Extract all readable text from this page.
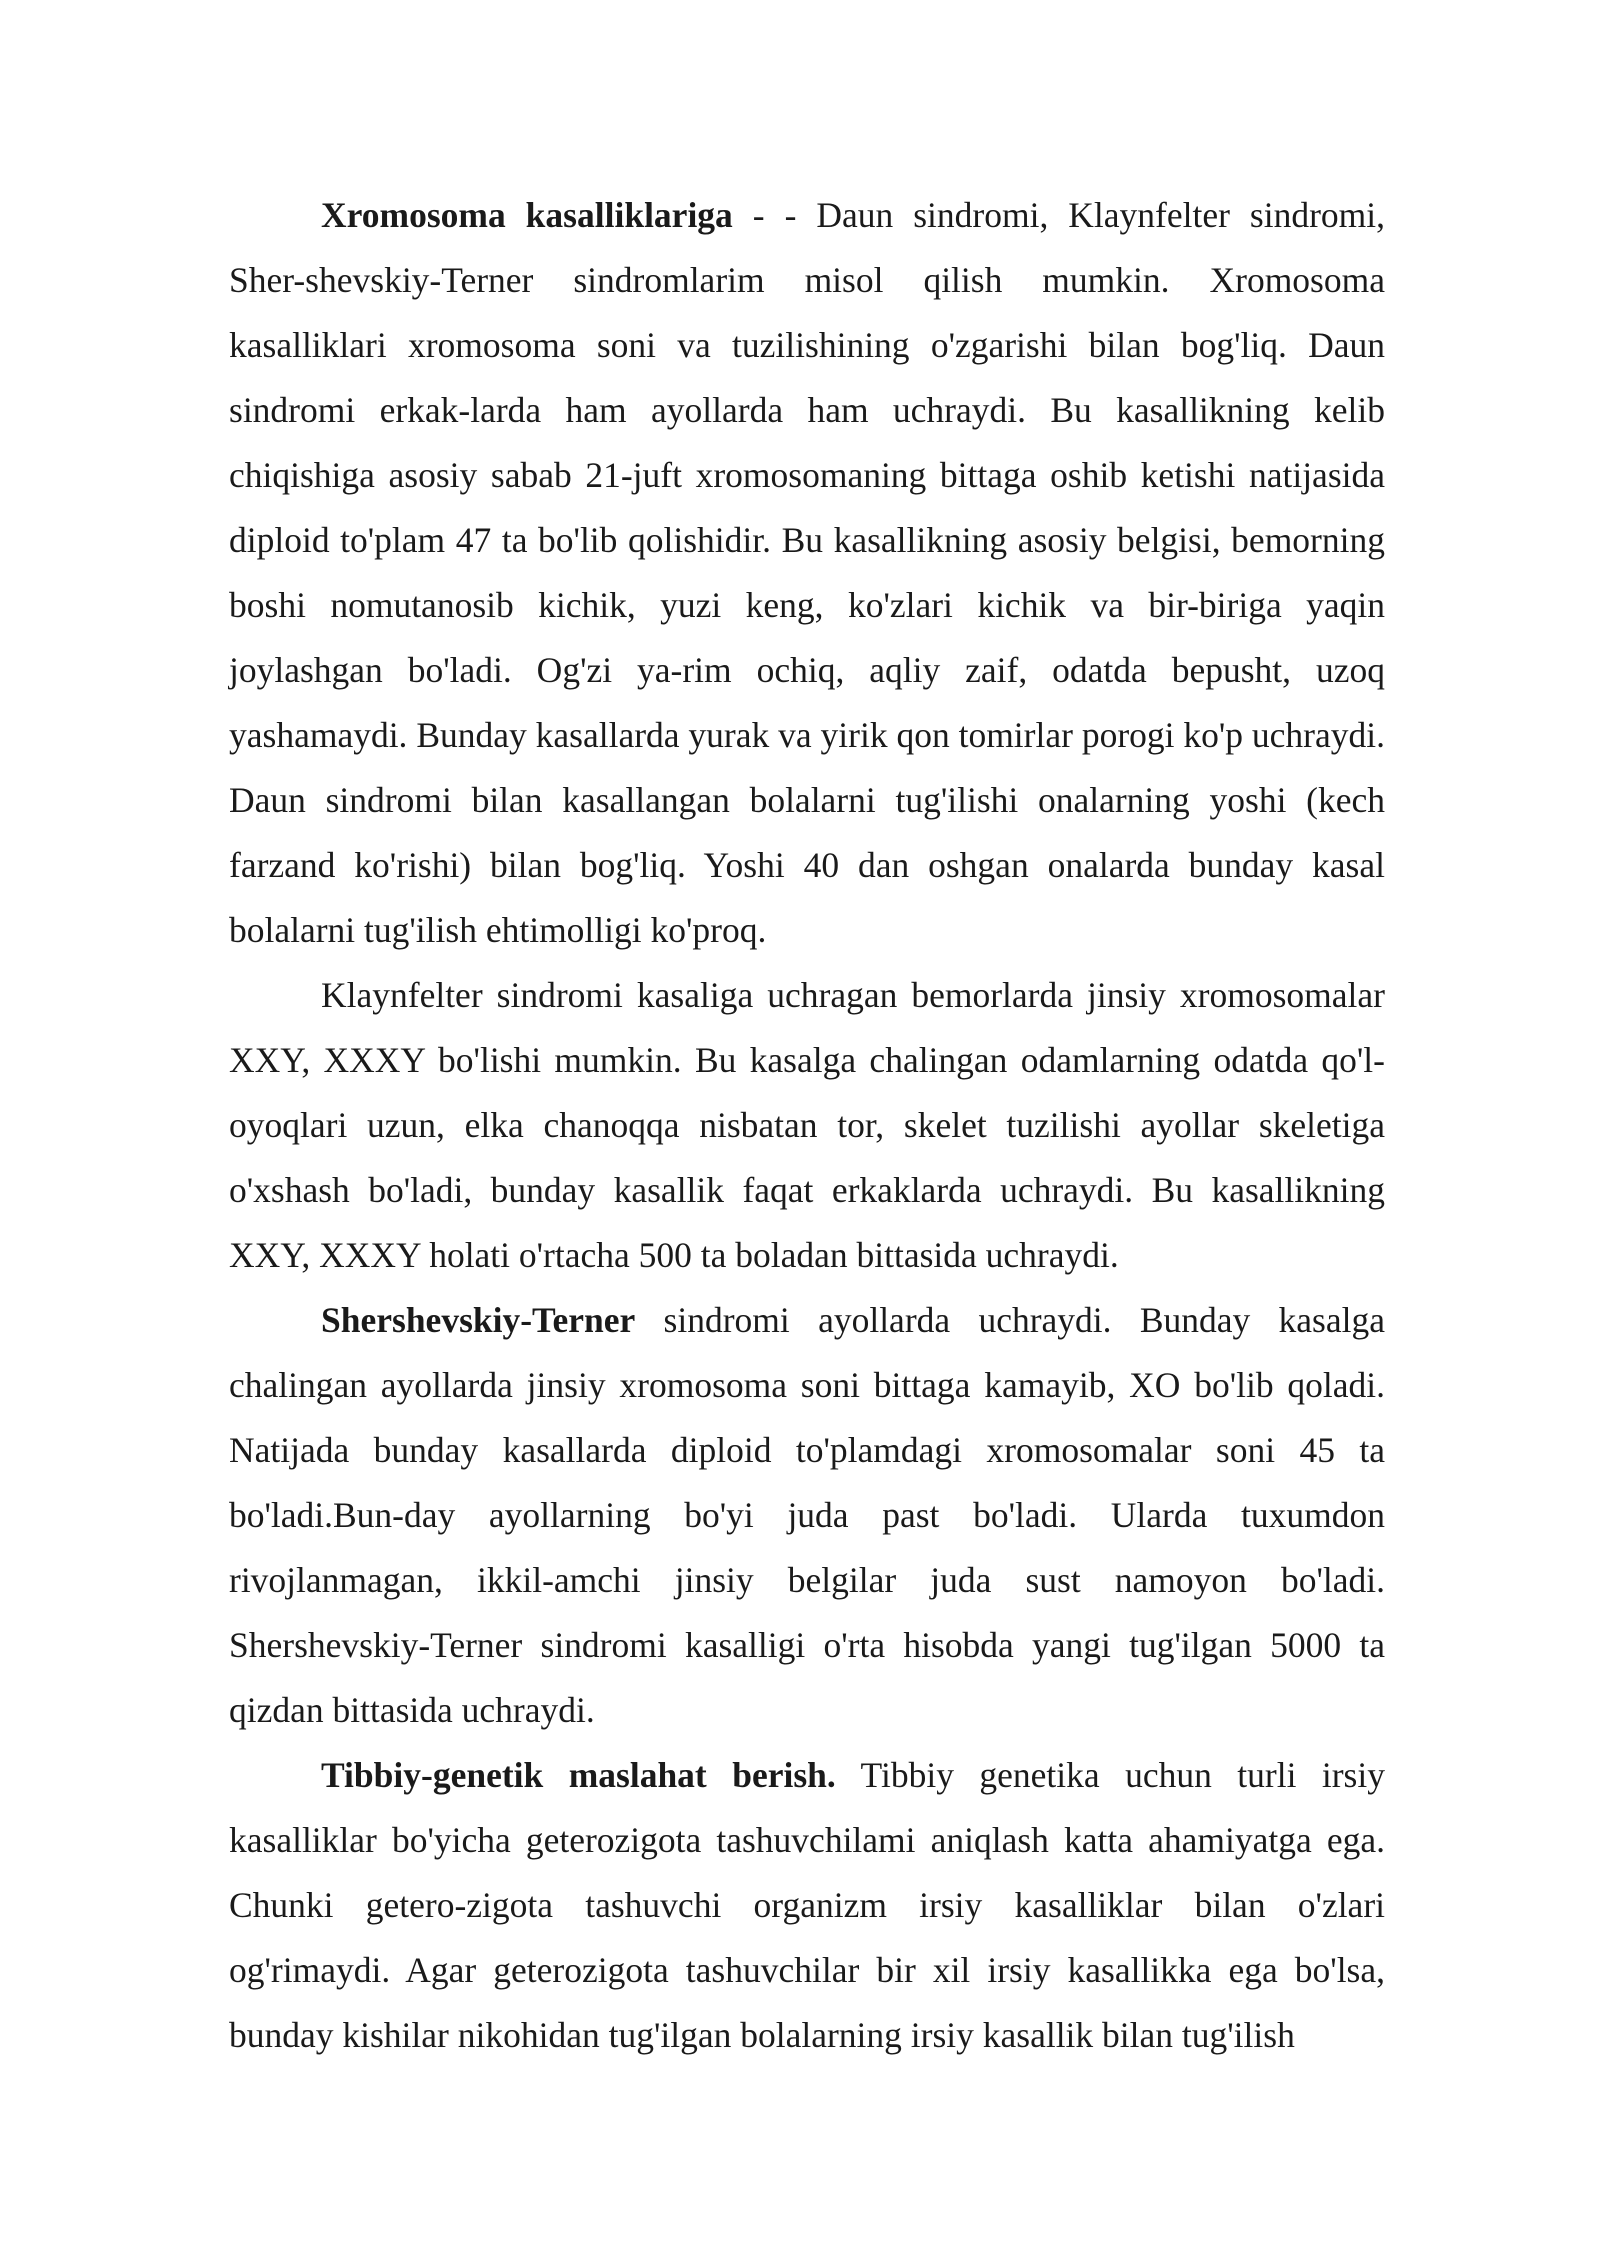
Xromosoma kasalliklariga - - Daun sindromi, Klaynfelter sindromi, Sher-shevskiy-Terner sindromlarim misol qilish mumkin. Xromosoma kasalliklari xromosoma soni va tuzilishining o'zgarishi bilan bog'liq. Daun sindromi erkak-larda ham ayollarda ham uchraydi. Bu kasallikning kelib chiqishiga asosiy sabab 21-juft xromosomaning bittaga oshib ketishi natijasida diploid to'plam 47 ta bo'lib qolishidir. Bu kasallikning asosiy belgisi, bemorning boshi nomutanosib kichik, yuzi keng, ko'zlari kichik va bir-biriga yaqin joylashgan bo'ladi. Og'zi ya-rim ochiq, aqliy zaif, odatda bepusht, uzoq yashamaydi. Bunday kasallarda yurak va yirik qon tomirlar porogi ko'p uchraydi. Daun sindromi bilan kasallangan bolalarni tug'ilishi onalarning yoshi (kech farzand ko'rishi) bilan bog'liq. Yoshi 40 dan oshgan onalarda bunday kasal bolalarni tug'ilish ehtimolligi ko'proq.

Klaynfelter sindromi kasaliga uchragan bemorlarda jinsiy xromosomalar XXY, XXXY bo'lishi mumkin. Bu kasalga chalingan odamlarning odatda qo'l-oyoqlari uzun, elka chanoqqa nisbatan tor, skelet tuzilishi ayollar skeletiga o'xshash bo'ladi, bunday kasallik faqat erkaklarda uchraydi. Bu kasallikning XXY, XXXY holati o'rtacha 500 ta boladan bittasida uchraydi.

Shershevskiy-Terner sindromi ayollarda uchraydi. Bunday kasalga chalingan ayollarda jinsiy xromosoma soni bittaga kamayib, XO bo'lib qoladi. Natijada bunday kasallarda diploid to'plamdagi xromosomalar soni 45 ta bo'ladi.Bun-day ayollarning bo'yi juda past bo'ladi. Ularda tuxumdon rivojlanmagan, ikkil-amchi jinsiy belgilar juda sust namoyon bo'ladi. Shershevskiy-Terner sindromi kasalligi o'rta hisobda yangi tug'ilgan 5000 ta qizdan bittasida uchraydi.

Tibbiy-genetik maslahat berish. Tibbiy genetika uchun turli irsiy kasalliklar bo'yicha geterozigota tashuvchilami aniqlash katta ahamiyatga ega. Chunki getero-zigota tashuvchi organizm irsiy kasalliklar bilan o'zlari og'rimaydi. Agar geterozigota tashuvchilar bir xil irsiy kasallikka ega bo'lsa, bunday kishilar nikohidan tug'ilgan bolalarning irsiy kasallik bilan tug'ilish
